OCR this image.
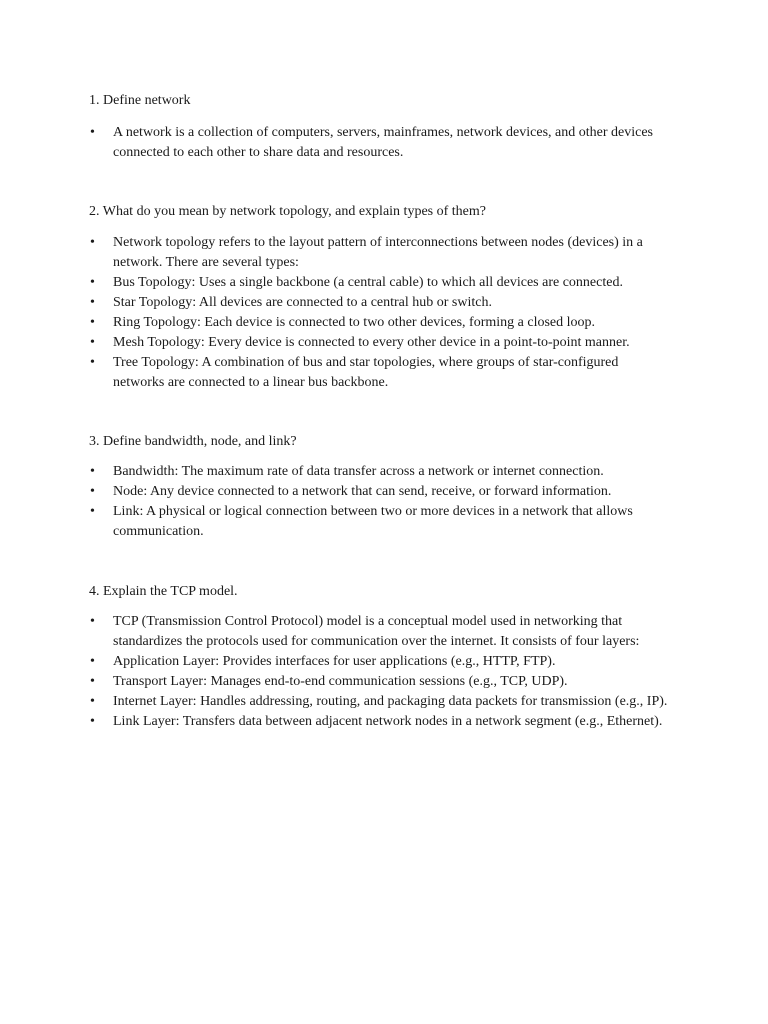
1. Define network
• A network is a collection of computers, servers, mainframes, network devices, and other devices connected to each other to share data and resources.
2. What do you mean by network topology, and explain types of them?
• Network topology refers to the layout pattern of interconnections between nodes (devices) in a network. There are several types:
• Bus Topology: Uses a single backbone (a central cable) to which all devices are connected.
• Star Topology: All devices are connected to a central hub or switch.
• Ring Topology: Each device is connected to two other devices, forming a closed loop.
• Mesh Topology: Every device is connected to every other device in a point-to-point manner.
• Tree Topology: A combination of bus and star topologies, where groups of star-configured networks are connected to a linear bus backbone.
3. Define bandwidth, node, and link?
• Bandwidth: The maximum rate of data transfer across a network or internet connection.
• Node: Any device connected to a network that can send, receive, or forward information.
• Link: A physical or logical connection between two or more devices in a network that allows communication.
4. Explain the TCP model.
• TCP (Transmission Control Protocol) model is a conceptual model used in networking that standardizes the protocols used for communication over the internet. It consists of four layers:
• Application Layer: Provides interfaces for user applications (e.g., HTTP, FTP).
• Transport Layer: Manages end-to-end communication sessions (e.g., TCP, UDP).
• Internet Layer: Handles addressing, routing, and packaging data packets for transmission (e.g., IP).
• Link Layer: Transfers data between adjacent network nodes in a network segment (e.g., Ethernet).
